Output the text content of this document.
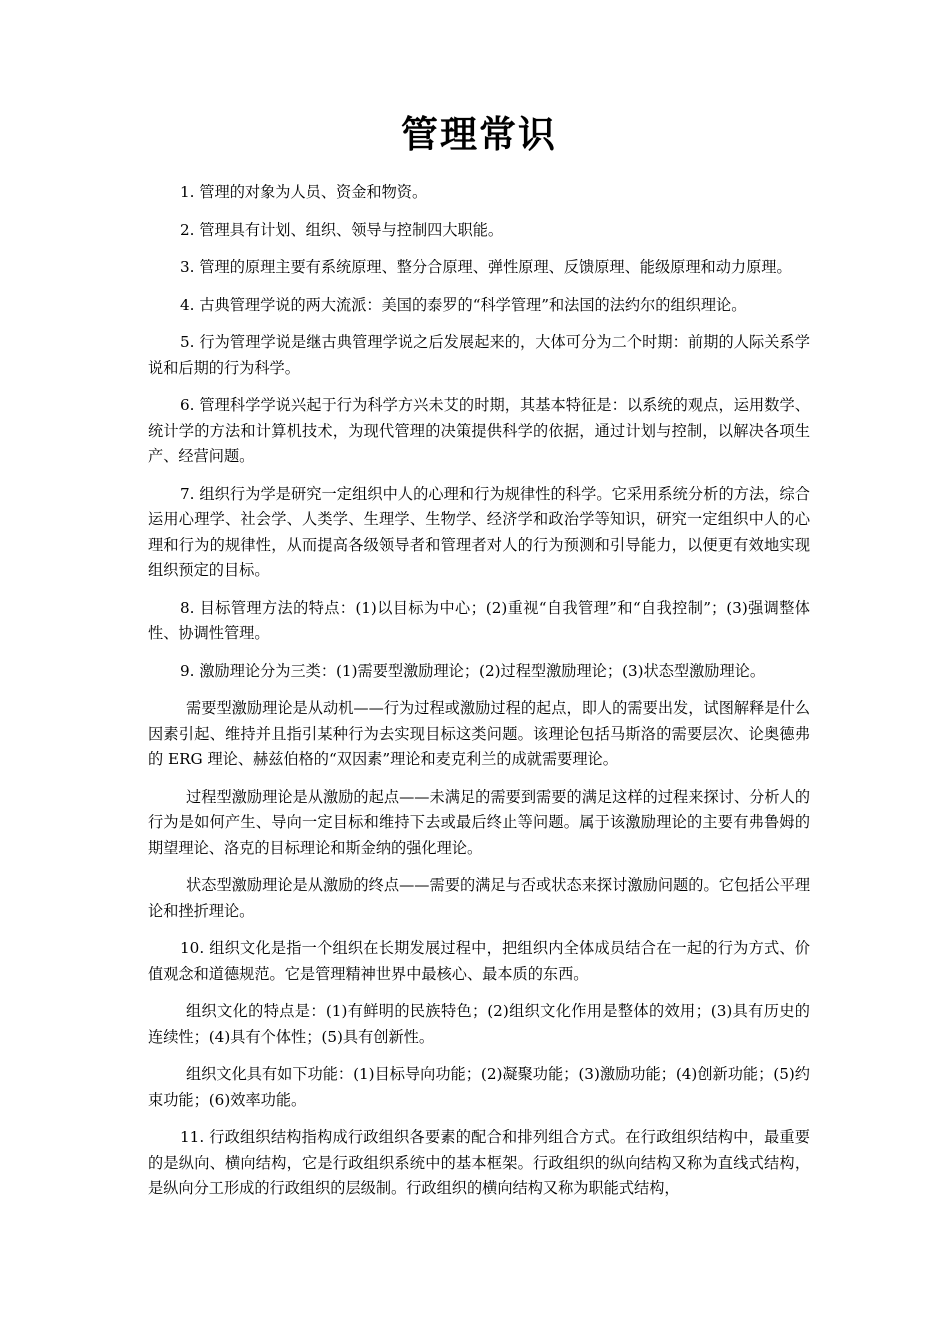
管理常识

1. 管理的对象为人员、资金和物资。

2. 管理具有计划、组织、领导与控制四大职能。

3. 管理的原理主要有系统原理、整分合原理、弹性原理、反馈原理、能级原理和动力原理。

4. 古典管理学说的两大流派：美国的泰罗的“科学管理”和法国的法约尔的组织理论。

5. 行为管理学说是继古典管理学说之后发展起来的，大体可分为二个时期：前期的人际关系学说和后期的行为科学。

6. 管理科学学说兴起于行为科学方兴未艾的时期，其基本特征是：以系统的观点，运用数学、统计学的方法和计算机技术，为现代管理的决策提供科学的依据，通过计划与控制，以解决各项生产、经营问题。

7. 组织行为学是研究一定组织中人的心理和行为规律性的科学。它采用系统分析的方法，综合运用心理学、社会学、人类学、生理学、生物学、经济学和政治学等知识，研究一定组织中人的心理和行为的规律性，从而提高各级领导者和管理者对人的行为预测和引导能力，以便更有效地实现组织预定的目标。

8. 目标管理方法的特点：(1)以目标为中心；(2)重视“自我管理”和“自我控制”；(3)强调整体性、协调性管理。

9. 激励理论分为三类：(1)需要型激励理论；(2)过程型激励理论；(3)状态型激励理论。

需要型激励理论是从动机——行为过程或激励过程的起点，即人的需要出发，试图解释是什么因素引起、维持并且指引某种行为去实现目标这类问题。该理论包括马斯洛的需要层次、论奥德弗的 ERG 理论、赫兹伯格的“双因素”理论和麦克利兰的成就需要理论。

过程型激励理论是从激励的起点——未满足的需要到需要的满足这样的过程来探讨、分析人的行为是如何产生、导向一定目标和维持下去或最后终止等问题。属于该激励理论的主要有弗鲁姆的期望理论、洛克的目标理论和斯金纳的强化理论。

状态型激励理论是从激励的终点——需要的满足与否或状态来探讨激励问题的。它包括公平理论和挫折理论。

10. 组织文化是指一个组织在长期发展过程中，把组织内全体成员结合在一起的行为方式、价值观念和道德规范。它是管理精神世界中最核心、最本质的东西。

组织文化的特点是：(1)有鲜明的民族特色；(2)组织文化作用是整体的效用；(3)具有历史的连续性；(4)具有个体性；(5)具有创新性。

组织文化具有如下功能：(1)目标导向功能；(2)凝聚功能；(3)激励功能；(4)创新功能；(5)约束功能；(6)效率功能。

11. 行政组织结构指构成行政组织各要素的配合和排列组合方式。在行政组织结构中，最重要的是纵向、横向结构，它是行政组织系统中的基本框架。行政组织的纵向结构又称为直线式结构，是纵向分工形成的行政组织的层级制。行政组织的横向结构又称为职能式结构，
